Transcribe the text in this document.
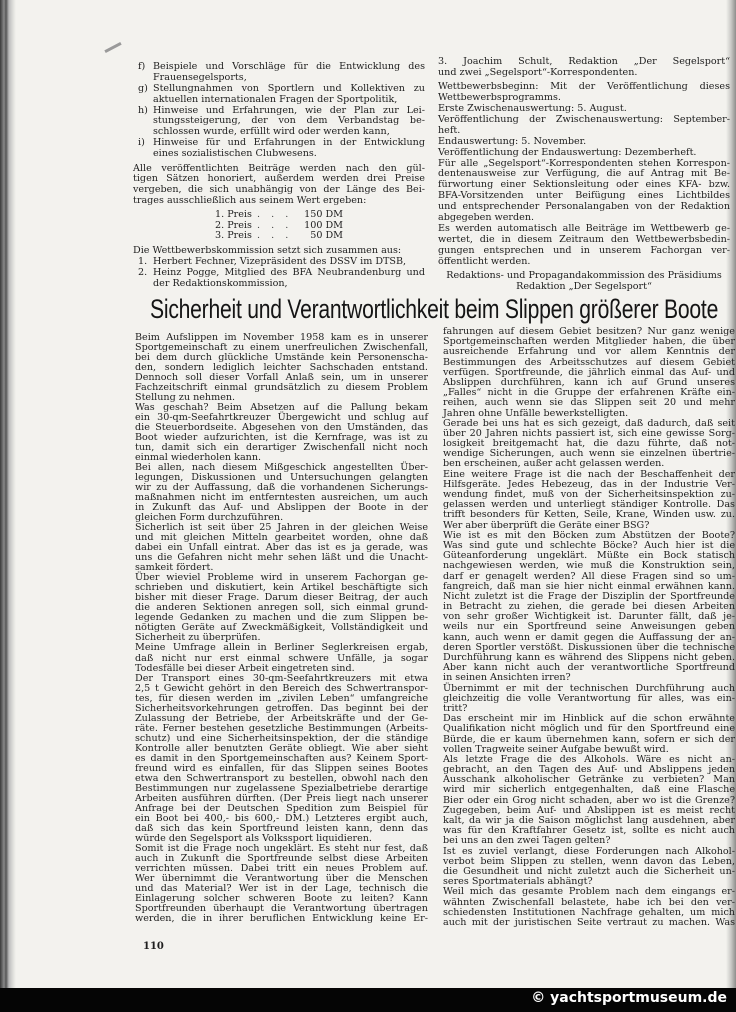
f) Beispiele und Vorschläge für die Entwicklung des
Frauensegelsports,
g) Stellungnahmen von Sportlern und Kollektiven zu
aktuellen internationalen Fragen der Sportpolitik,
h) Hinweise und Erfahrungen, wie der Plan zur Lei-
stungssteigerung, der von dem Verbandstag be-
schlossen wurde, erfüllt wird oder werden kann,
i) Hinweise für und Erfahrungen in der Entwicklung
eines sozialistischen Clubwesens.
Alle veröffentlichten Beiträge werden nach den gül-
tigen Sätzen honoriert, außerdem werden drei Preise
vergeben, die sich unabhängig von der Länge des Bei-
trages ausschließlich aus seinem Wert ergeben:
1. Preis . . .	150 DM
2. Preis . . .	100 DM
3. Preis . . .	50 DM
Die Wettbewerbskommission setzt sich zusammen aus:
1. Herbert Fechner, Vizepräsident des DSSV im DTSB,
2. Heinz Pogge, Mitglied des BFA Neubrandenburg und
der Redaktionskommission,
3. Joachim Schult, Redaktion „Der Segelsport“
und zwei „Segelsport“-Korrespondenten.
Wettbewerbsbeginn: Mit der Veröffentlichung dieses
Wettbewerbsprogramms.
Erste Zwischenauswertung: 5. August.
Veröffentlichung der Zwischenauswertung: September-
heft.
Endauswertung: 5. November.
Veröffentlichung der Endauswertung: Dezemberheft.
Für alle „Segelsport“-Korrespondenten stehen Korrespon-
dentenausweise zur Verfügung, die auf Antrag mit Be-
fürwortung einer Sektionsleitung oder eines KFA- bzw.
BFA-Vorsitzenden unter Beifügung eines Lichtbildes
und entsprechender Personalangaben von der Redaktion
abgegeben werden.
Es werden automatisch alle Beiträge im Wettbewerb ge-
wertet, die in diesem Zeitraum den Wettbewerbsbedin-
gungen entsprechen und in unserem Fachorgan ver-
öffentlicht werden.
Redaktions- und Propagandakommission des Präsidiums
Redaktion „Der Segelsport“
Sicherheit und Verantwortlichkeit beim Slippen größerer Boote
Beim Aufslippen im November 1958 kam es in unserer
Sportgemeinschaft zu einem unerfreulichen Zwischenfall,
bei dem durch glückliche Umstände kein Personenscha-
den, sondern lediglich leichter Sachschaden entstand.
Dennoch soll dieser Vorfall Anlaß sein, um in unserer
Fachzeitschrift einmal grundsätzlich zu diesem Problem
Stellung zu nehmen.
Was geschah? Beim Absetzen auf die Pallung bekam
ein 30-qm-Seefahrtkreuzer Übergewicht und schlug auf
die Steuerbordseite. Abgesehen von den Umständen, das
Boot wieder aufzurichten, ist die Kernfrage, was ist zu
tun, damit sich ein derartiger Zwischenfall nicht noch
einmal wiederholen kann.
Bei allen, nach diesem Mißgeschick angestellten Über-
legungen, Diskussionen und Untersuchungen gelangten
wir zu der Auffassung, daß die vorhandenen Sicherungs-
maßnahmen nicht im entferntesten ausreichen, um auch
in Zukunft das Auf- und Abslippen der Boote in der
gleichen Form durchzuführen.
Sicherlich ist seit über 25 Jahren in der gleichen Weise
und mit gleichen Mitteln gearbeitet worden, ohne daß
dabei ein Unfall eintrat. Aber das ist es ja gerade, was
uns die Gefahren nicht mehr sehen läßt und die Unacht-
samkeit fördert.
Über wieviel Probleme wird in unserem Fachorgan ge-
schrieben und diskutiert, kein Artikel beschäftigte sich
bisher mit dieser Frage. Darum dieser Beitrag, der auch
die anderen Sektionen anregen soll, sich einmal grund-
legende Gedanken zu machen und die zum Slippen be-
nötigten Geräte auf Zweckmäßigkeit, Vollständigkeit und
Sicherheit zu überprüfen.
Meine Umfrage allein in Berliner Seglerkreisen ergab,
daß nicht nur erst einmal schwere Unfälle, ja sogar
Todesfälle bei dieser Arbeit eingetreten sind.
Der Transport eines 30-qm-Seefahrtkreuzers mit etwa
2,5 t Gewicht gehört in den Bereich des Schwertranspor-
tes, für diesen werden im „zivilen Leben“ umfangreiche
Sicherheitsvorkehrungen getroffen. Das beginnt bei der
Zulassung der Betriebe, der Arbeitskräfte und der Ge-
räte. Ferner bestehen gesetzliche Bestimmungen (Arbeits-
schutz) und eine Sicherheitsinspektion, der die ständige
Kontrolle aller benutzten Geräte obliegt. Wie aber sieht
es damit in den Sportgemeinschaften aus? Keinem Sport-
freund wird es einfallen, für das Slippen seines Bootes
etwa den Schwertransport zu bestellen, obwohl nach den
Bestimmungen nur zugelassene Spezialbetriebe derartige
Arbeiten ausführen dürften. (Der Preis liegt nach unserer
Anfrage bei der Deutschen Spedition zum Beispiel für
ein Boot bei 400,- bis 600,- DM.) Letzteres ergibt auch,
daß sich das kein Sportfreund leisten kann, denn das
würde den Segelsport als Volkssport liquidieren.
Somit ist die Frage noch ungeklärt. Es steht nur fest, daß
auch in Zukunft die Sportfreunde selbst diese Arbeiten
verrichten müssen. Dabei tritt ein neues Problem auf.
Wer übernimmt die Verantwortung über die Menschen
und das Material? Wer ist in der Lage, technisch die
Einlagerung solcher schweren Boote zu leiten? Kann
Sportfreunden überhaupt die Verantwortung übertragen
werden, die in ihrer beruflichen Entwicklung keine Er-
fahrungen auf diesem Gebiet besitzen? Nur ganz wenige
Sportgemeinschaften werden Mitglieder haben, die über
ausreichende Erfahrung und vor allem Kenntnis der
Bestimmungen des Arbeitsschutzes auf diesem Gebiet
verfügen. Sportfreunde, die jährlich einmal das Auf- und
Abslippen durchführen, kann ich auf Grund unseres
„Falles“ nicht in die Gruppe der erfahrenen Kräfte ein-
reihen, auch wenn sie das Slippen seit 20 und mehr
Jahren ohne Unfälle bewerkstelligten.
Gerade bei uns hat es sich gezeigt, daß dadurch, daß seit
über 20 Jahren nichts passiert ist, sich eine gewisse Sorg-
losigkeit breitgemacht hat, die dazu führte, daß not-
wendige Sicherungen, auch wenn sie einzelnen übertrie-
ben erscheinen, außer acht gelassen werden.
Eine weitere Frage ist die nach der Beschaffenheit der
Hilfsgeräte. Jedes Hebezeug, das in der Industrie Ver-
wendung findet, muß von der Sicherheitsinspektion zu-
gelassen werden und unterliegt ständiger Kontrolle. Das
trifft besonders für Ketten, Seile, Krane, Winden usw. zu.
Wer aber überprüft die Geräte einer BSG?
Wie ist es mit den Böcken zum Abstützen der Boote?
Was sind gute und schlechte Böcke? Auch hier ist die
Güteanforderung ungeklärt. Müßte ein Bock statisch
nachgewiesen werden, wie muß die Konstruktion sein,
darf er genagelt werden? All diese Fragen sind so um-
fangreich, daß man sie hier nicht einmal erwähnen kann.
Nicht zuletzt ist die Frage der Disziplin der Sportfreunde
in Betracht zu ziehen, die gerade bei diesen Arbeiten
von sehr großer Wichtigkeit ist. Darunter fällt, daß je-
weils nur ein Sportfreund seine Anweisungen geben
kann, auch wenn er damit gegen die Auffassung der an-
deren Sportler verstößt. Diskussionen über die technische
Durchführung kann es während des Slippens nicht geben.
Aber kann nicht auch der verantwortliche Sportfreund
in seinen Ansichten irren?
Übernimmt er mit der technischen Durchführung auch
gleichzeitig die volle Verantwortung für alles, was ein-
tritt?
Das erscheint mir im Hinblick auf die schon erwähnte
Qualifikation nicht möglich und für den Sportfreund eine
Bürde, die er kaum übernehmen kann, sofern er sich der
vollen Tragweite seiner Aufgabe bewußt wird.
Als letzte Frage die des Alkohols. Wäre es nicht an-
gebracht, an den Tagen des Auf- und Abslippens jeden
Ausschank alkoholischer Getränke zu verbieten? Man
wird mir sicherlich entgegenhalten, daß eine Flasche
Bier oder ein Grog nicht schaden, aber wo ist die Grenze?
Zugegeben, beim Auf- und Abslippen ist es meist recht
kalt, da wir ja die Saison möglichst lang ausdehnen, aber
was für den Kraftfahrer Gesetz ist, sollte es nicht auch
bei uns an den zwei Tagen gelten?
Ist es zuviel verlangt, diese Forderungen nach Alkohol-
verbot beim Slippen zu stellen, wenn davon das Leben,
die Gesundheit und nicht zuletzt auch die Sicherheit un-
seres Sportmaterials abhängt?
Weil mich das gesamte Problem nach dem eingangs er-
wähnten Zwischenfall belastete, habe ich bei den ver-
schiedensten Institutionen Nachfrage gehalten, um mich
auch mit der juristischen Seite vertraut zu machen. Was
110
© yachtsportmuseum.de
